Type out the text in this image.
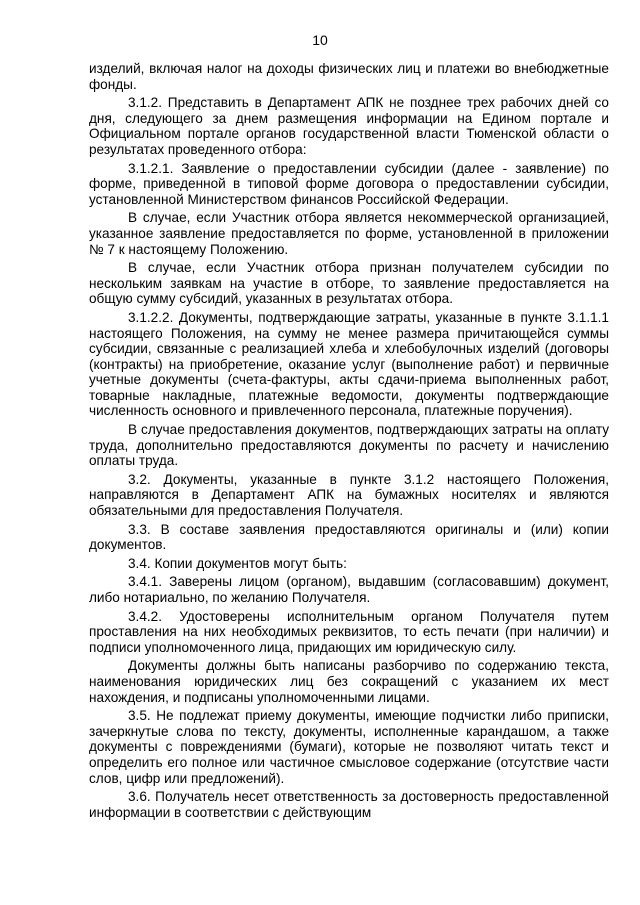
10

изделий, включая налог на доходы физических лиц и платежи во внебюджетные фонды.

3.1.2. Представить в Департамент АПК не позднее трех рабочих дней со дня, следующего за днем размещения информации на Едином портале и Официальном портале органов государственной власти Тюменской области о результатах проведенного отбора:

3.1.2.1. Заявление о предоставлении субсидии (далее - заявление) по форме, приведенной в типовой форме договора о предоставлении субсидии, установленной Министерством финансов Российской Федерации.

В случае, если Участник отбора является некоммерческой организацией, указанное заявление предоставляется по форме, установленной в приложении № 7 к настоящему Положению.

В случае, если Участник отбора признан получателем субсидии по нескольким заявкам на участие в отборе, то заявление предоставляется на общую сумму субсидий, указанных в результатах отбора.

3.1.2.2. Документы, подтверждающие затраты, указанные в пункте 3.1.1.1 настоящего Положения, на сумму не менее размера причитающейся суммы субсидии, связанные с реализацией хлеба и хлебобулочных изделий (договоры (контракты) на приобретение, оказание услуг (выполнение работ) и первичные учетные документы (счета-фактуры, акты сдачи-приема выполненных работ, товарные накладные, платежные ведомости, документы подтверждающие численность основного и привлеченного персонала, платежные поручения).

В случае предоставления документов, подтверждающих затраты на оплату труда, дополнительно предоставляются документы по расчету и начислению оплаты труда.

3.2. Документы, указанные в пункте 3.1.2 настоящего Положения, направляются в Департамент АПК на бумажных носителях и являются обязательными для предоставления Получателя.

3.3. В составе заявления предоставляются оригиналы и (или) копии документов.

3.4. Копии документов могут быть:

3.4.1. Заверены лицом (органом), выдавшим (согласовавшим) документ, либо нотариально, по желанию Получателя.

3.4.2. Удостоверены исполнительным органом Получателя путем проставления на них необходимых реквизитов, то есть печати (при наличии) и подписи уполномоченного лица, придающих им юридическую силу.

Документы должны быть написаны разборчиво по содержанию текста, наименования юридических лиц без сокращений с указанием их мест нахождения, и подписаны уполномоченными лицами.

3.5. Не подлежат приему документы, имеющие подчистки либо приписки, зачеркнутые слова по тексту, документы, исполненные карандашом, а также документы с повреждениями (бумаги), которые не позволяют читать текст и определить его полное или частичное смысловое содержание (отсутствие части слов, цифр или предложений).

3.6. Получатель несет ответственность за достоверность предоставленной информации в соответствии с действующим
